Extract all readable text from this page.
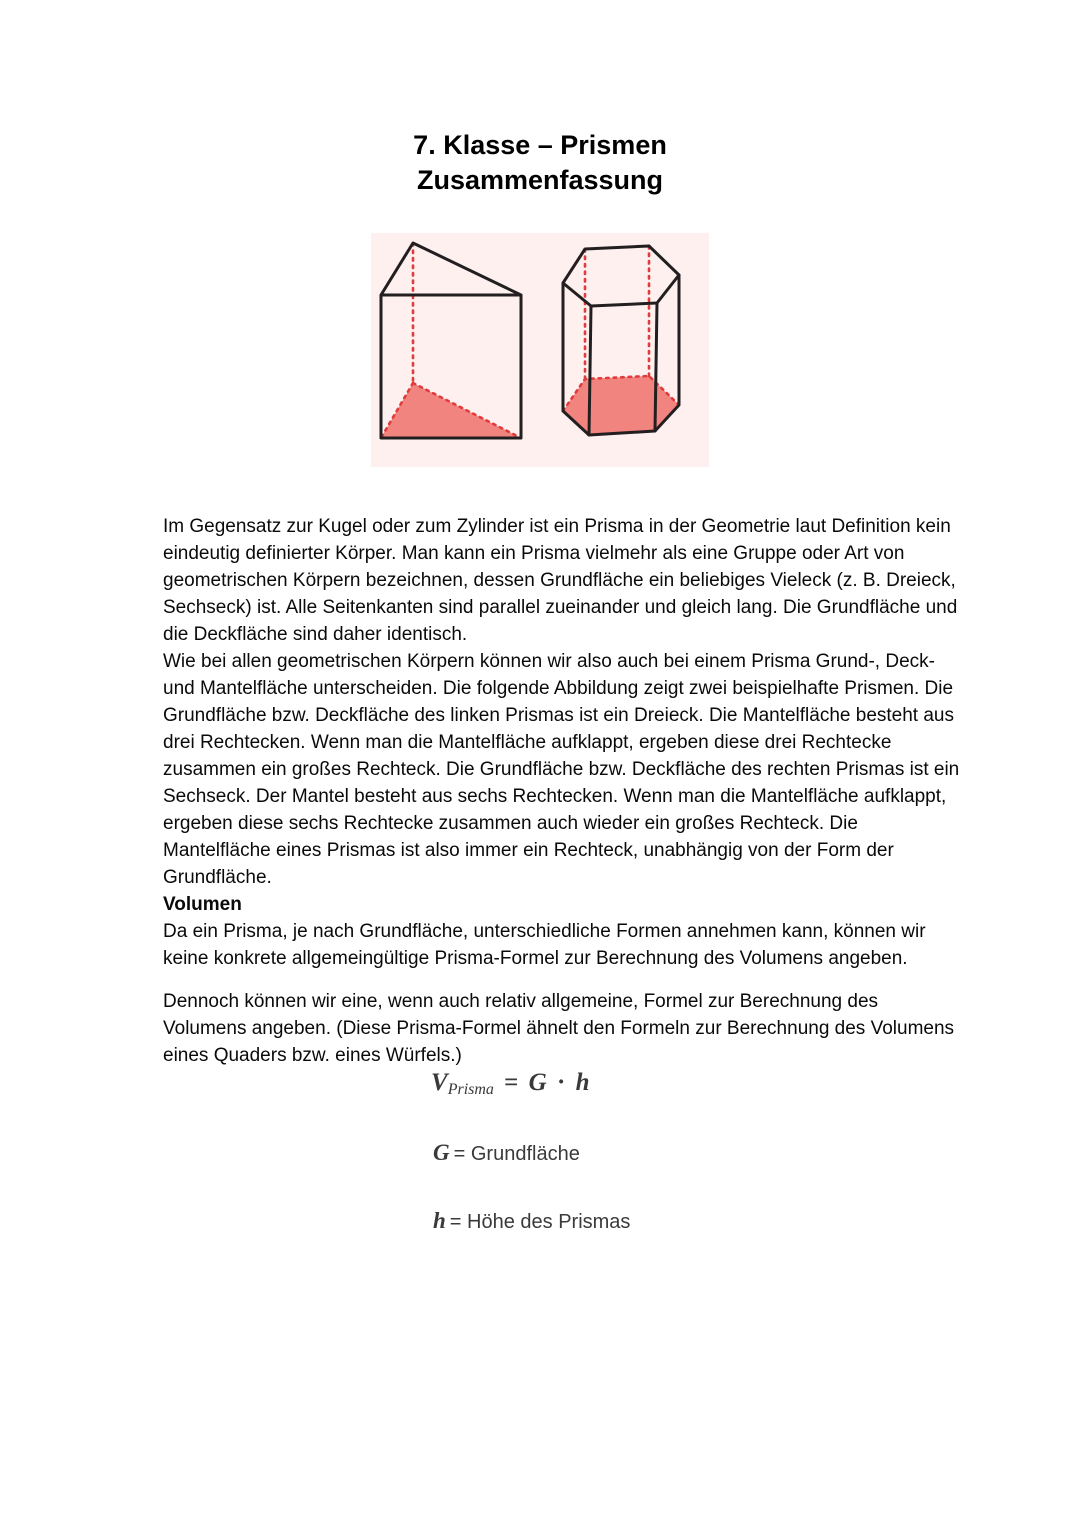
7. Klasse – Prismen
Zusammenfassung

Im Gegensatz zur Kugel oder zum Zylinder ist ein Prisma in der Geometrie laut Definition kein eindeutig definierter Körper. Man kann ein Prisma vielmehr als eine Gruppe oder Art von geometrischen Körpern bezeichnen, dessen Grundfläche ein beliebiges Vieleck (z. B. Dreieck, Sechseck) ist. Alle Seitenkanten sind parallel zueinander und gleich lang. Die Grundfläche und die Deckfläche sind daher identisch.

Wie bei allen geometrischen Körpern können wir also auch bei einem Prisma Grund-, Deck- und Mantelfläche unterscheiden. Die folgende Abbildung zeigt zwei beispielhafte Prismen. Die Grundfläche bzw. Deckfläche des linken Prismas ist ein Dreieck. Die Mantelfläche besteht aus drei Rechtecken. Wenn man die Mantelfläche aufklappt, ergeben diese drei Rechtecke zusammen ein großes Rechteck. Die Grundfläche bzw. Deckfläche des rechten Prismas ist ein Sechseck. Der Mantel besteht aus sechs Rechtecken. Wenn man die Mantelfläche aufklappt, ergeben diese sechs Rechtecke zusammen auch wieder ein großes Rechteck. Die Mantelfläche eines Prismas ist also immer ein Rechteck, unabhängig von der Form der Grundfläche.

Volumen

Da ein Prisma, je nach Grundfläche, unterschiedliche Formen annehmen kann, können wir keine konkrete allgemeingültige Prisma-Formel zur Berechnung des Volumens angeben.

Dennoch können wir eine, wenn auch relativ allgemeine, Formel zur Berechnung des Volumens angeben. (Diese Prisma-Formel ähnelt den Formeln zur Berechnung des Volumens eines Quaders bzw. eines Würfels.)

VPrisma = G · h
G = Grundfläche
h = Höhe des Prismas
